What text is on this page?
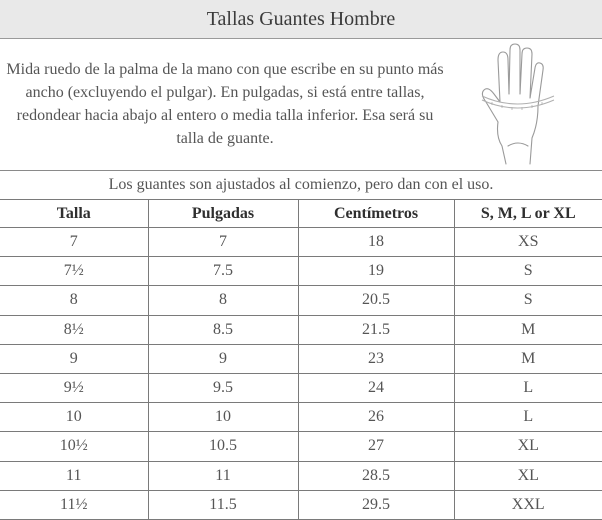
Tallas Guantes Hombre
Mida ruedo de la palma de la mano con que escribe en su punto más ancho (excluyendo el pulgar). En pulgadas, si está entre tallas, redondear hacia abajo al entero o media talla inferior. Esa será su talla de guante.
Los guantes son ajustados al comienzo, pero dan con el uso.
Talla	Pulgadas	Centímetros	S, M, L or XL
7	7	18	XS
7½	7.5	19	S
8	8	20.5	S
8½	8.5	21.5	M
9	9	23	M
9½	9.5	24	L
10	10	26	L
10½	10.5	27	XL
11	11	28.5	XL
11½	11.5	29.5	XXL
